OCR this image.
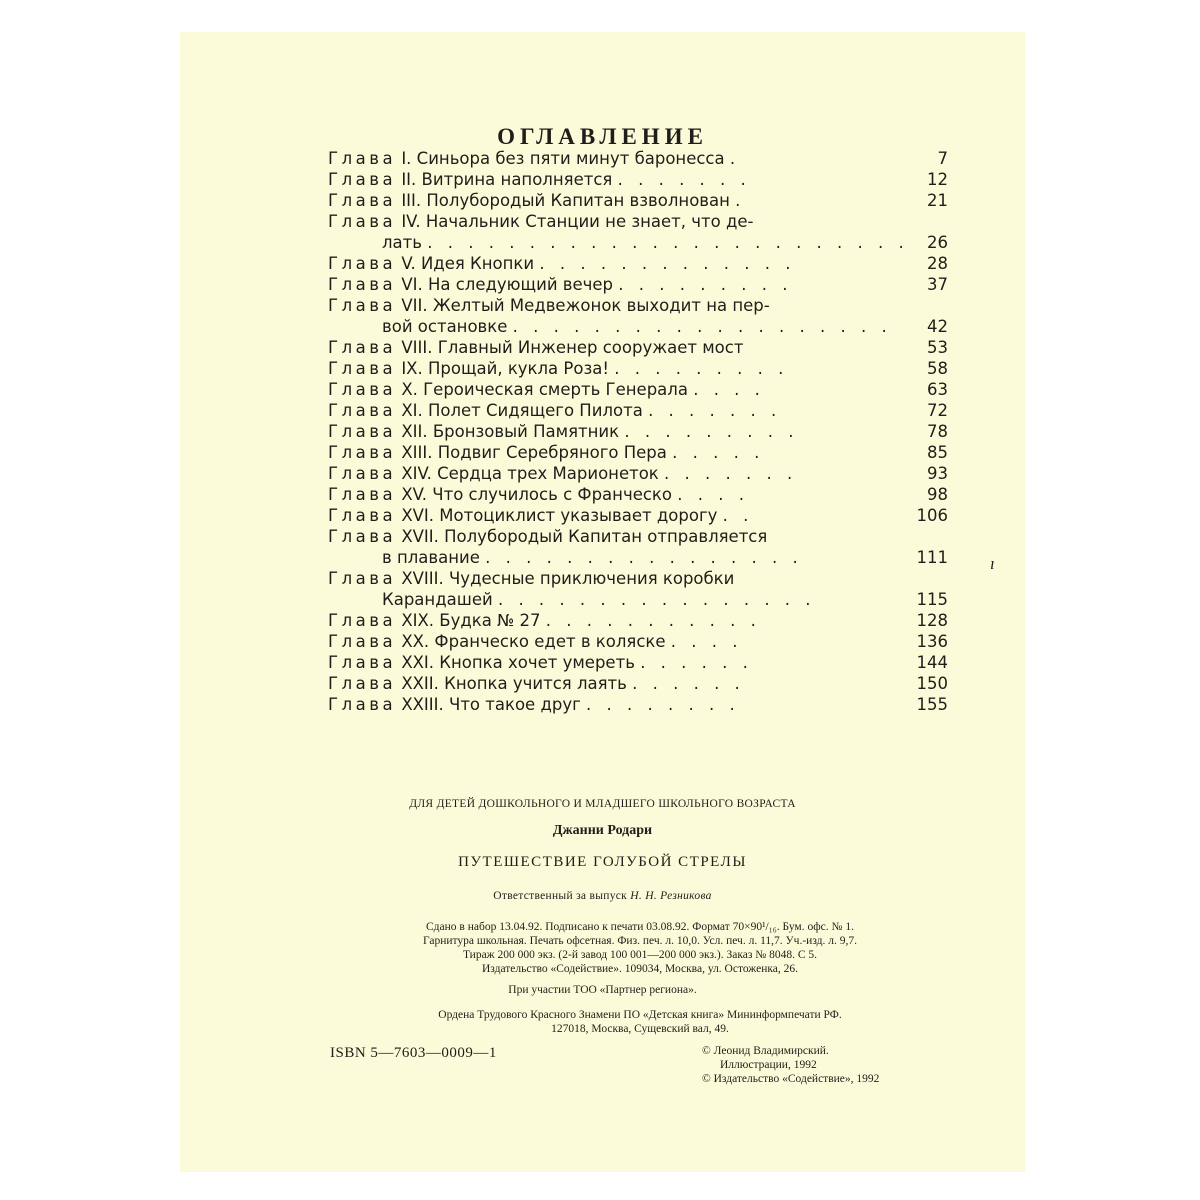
ОГЛАВЛЕНИЕ
Глава I. Синьора без пяти минут баронесса .	7
Глава II. Витрина наполняется . . . . . . .	12
Глава III. Полубородый Капитан взволнован .	21
Глава IV. Начальник Станции не знает, что де-
лать . . . . . . . . . . . . . . . . . . . . . . . .	26
Глава V. Идея Кнопки . . . . . . . . . . . . .	28
Глава VI. На следующий вечер . . . . . . . . .	37
Глава VII. Желтый Медвежонок выходит на пер-
вой остановке . . . . . . . . . . . . . . . . . . .	42
Глава VIII. Главный Инженер сооружает мост	53
Глава IX. Прощай, кукла Роза! . . . . . . . . .	58
Глава X. Героическая смерть Генерала . . . .	63
Глава XI. Полет Сидящего Пилота . . . . . . .	72
Глава XII. Бронзовый Памятник . . . . . . . . .	78
Глава XIII. Подвиг Серебряного Пера . . . . .	85
Глава XIV. Сердца трех Марионеток . . . . . . .	93
Глава XV. Что случилось с Франческо . . . .	98
Глава XVI. Мотоциклист указывает дорогу . .	106
Глава XVII. Полубородый Капитан отправляется
в плавание . . . . . . . . . . . . . . . .	111
Глава XVIII. Чудесные приключения коробки
Карандашей . . . . . . . . . . . . . . . .	115
Глава XIX. Будка № 27 . . . . . . . . . . .	128
Глава XX. Франческо едет в коляске . . . .	136
Глава XXI. Кнопка хочет умереть . . . . . .	144
Глава XXII. Кнопка учится лаять . . . . . .	150
Глава XXIII. Что такое друг . . . . . . . .	155
ı
ДЛЯ ДЕТЕЙ ДОШКОЛЬНОГО И МЛАДШЕГО ШКОЛЬНОГО ВОЗРАСТА
Джанни Родари
ПУТЕШЕСТВИЕ ГОЛУБОЙ СТРЕЛЫ
Ответственный за выпуск Н. Н. Резникова
Сдано в набор 13.04.92. Подписано к печати 03.08.92. Формат 70×90¹/₁₆. Бум. офс. № 1.
Гарнитура школьная. Печать офсетная. Физ. печ. л. 10,0. Усл. печ. л. 11,7. Уч.-изд. л. 9,7.
Тираж 200 000 экз. (2-й завод 100 001—200 000 экз.). Заказ № 8048. С 5.
Издательство «Содействие». 109034, Москва, ул. Остоженка, 26.
При участии ТОО «Партнер региона».
Ордена Трудового Красного Знамени ПО «Детская книга» Мининформпечати РФ.
127018, Москва, Сущевский вал, 49.
ISBN 5—7603—0009—1	© Леонид Владимирский.
Иллюстрации, 1992
© Издательство «Содействие», 1992
